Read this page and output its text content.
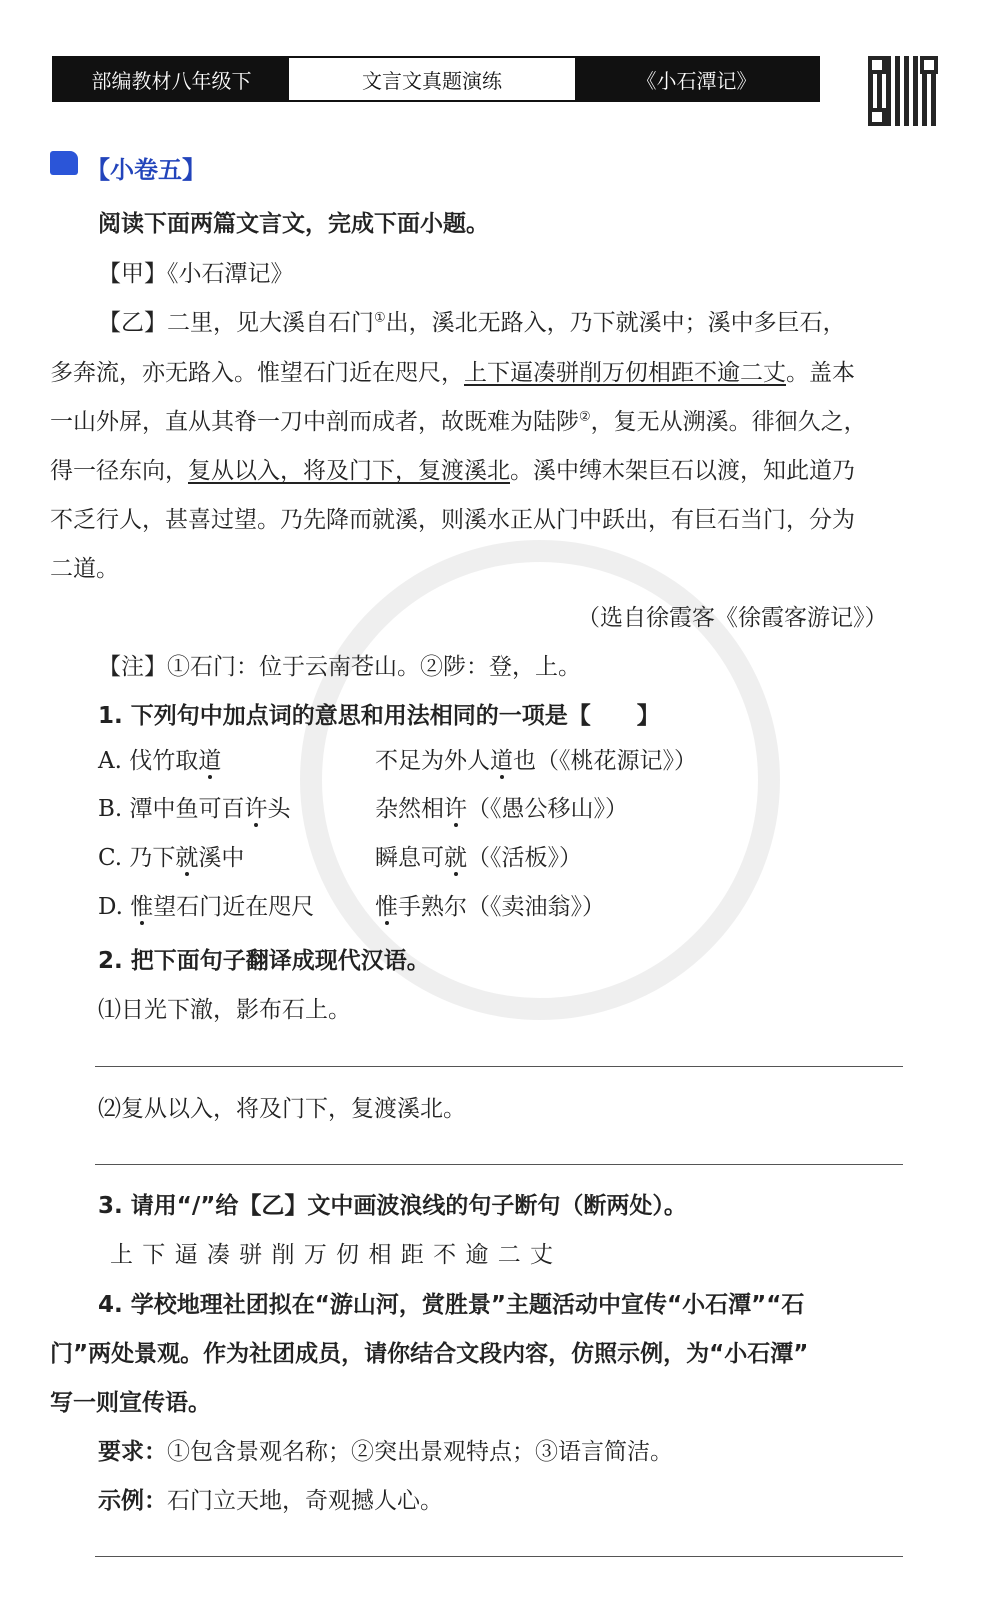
部编教材八年级下	文言文真题演练	《小石潭记》
【小卷五】
阅读下面两篇文言文，完成下面小题。
【甲】《小石潭记》
【乙】二里，见大溪自石门①出，溪北无路入，乃下就溪中；溪中多巨石，
多奔流，亦无路入。惟望石门近在咫尺，上下逼凑骈削万仞相距不逾二丈。盖本
一山外屏，直从其脊一刀中剖而成者，故既难为陆陟②，复无从溯溪。徘徊久之，
得一径东向，复从以入，将及门下，复渡溪北。溪中缚木架巨石以渡，知此道乃
不乏行人，甚喜过望。乃先降而就溪，则溪水正从门中跃出，有巨石当门，分为
二道。
（选自徐霞客《徐霞客游记》）
【注】①石门：位于云南苍山。②陟：登，上。
1. 下列句中加点词的意思和用法相同的一项是【　　】
A. 伐竹取道	不足为外人道也（《桃花源记》）
B. 潭中鱼可百许头	杂然相许（《愚公移山》）
C. 乃下就溪中	瞬息可就（《活板》）
D. 惟望石门近在咫尺	惟手熟尔（《卖油翁》）
2. 把下面句子翻译成现代汉语。
⑴日光下澈，影布石上。
⑵复从以入，将及门下，复渡溪北。
3. 请用“/”给【乙】文中画波浪线的句子断句（断两处）。
上 下 逼 凑 骈 削 万 仞 相 距 不 逾 二 丈
4. 学校地理社团拟在“游山河，赏胜景”主题活动中宣传“小石潭”“石
门”两处景观。作为社团成员，请你结合文段内容，仿照示例，为“小石潭”
写一则宣传语。
要求：①包含景观名称；②突出景观特点；③语言简洁。
示例：石门立天地，奇观撼人心。
